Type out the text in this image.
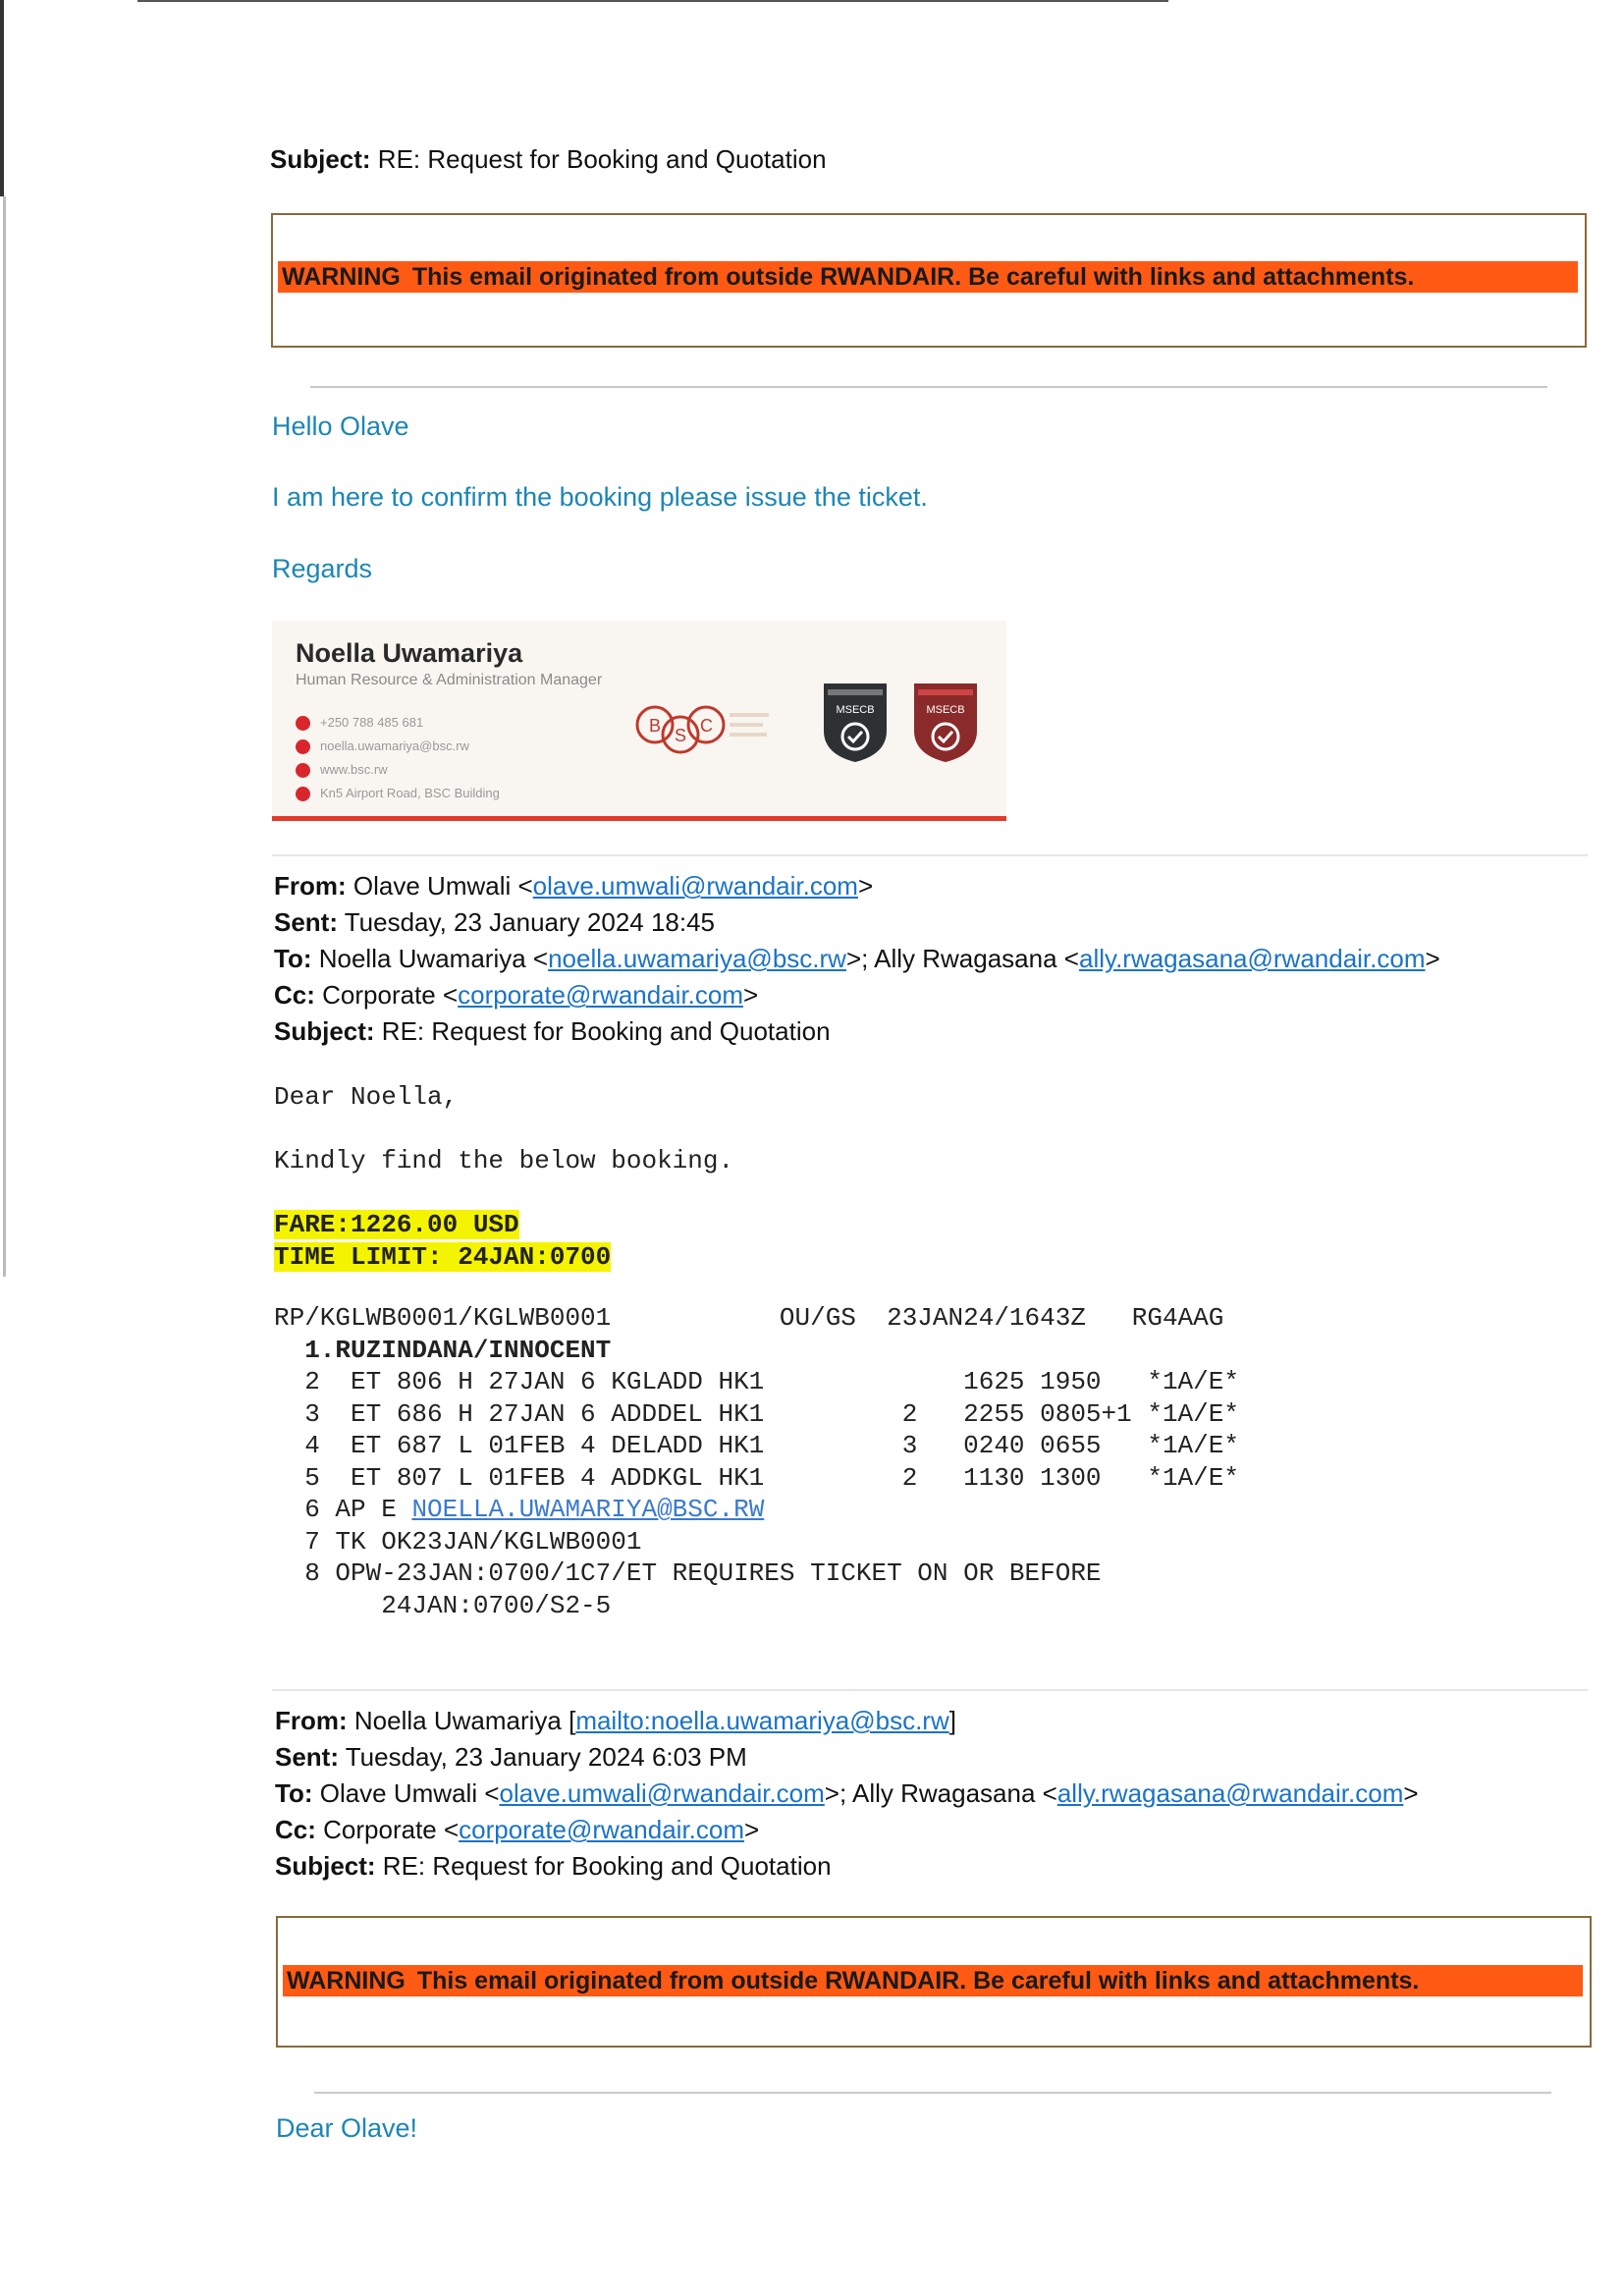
Subject: RE: Request for Booking and Quotation
WARNING This email originated from outside RWANDAIR. Be careful with links and attachments.
Hello Olave
I am here to confirm the booking please issue the ticket.
Regards
Noella Uwamariya
Human Resource & Administration Manager
+250 788 485 681
noella.uwamariya@bsc.rw
www.bsc.rw
Kn5 Airport Road, BSC Building
B S C
MSECB	MSECB
From: Olave Umwali <olave.umwali@rwandair.com>
Sent: Tuesday, 23 January 2024 18:45
To: Noella Uwamariya <noella.uwamariya@bsc.rw>; Ally Rwagasana <ally.rwagasana@rwandair.com>
Cc: Corporate <corporate@rwandair.com>
Subject: RE: Request for Booking and Quotation
Dear Noella,
Kindly find the below booking.
FARE:1226.00 USD
TIME LIMIT: 24JAN:0700
RP/KGLWB0001/KGLWB0001           OU/GS  23JAN24/1643Z   RG4AAG
1.RUZINDANA/INNOCENT
2  ET 806 H 27JAN 6 KGLADD HK1             1625 1950   *1A/E*
3  ET 686 H 27JAN 6 ADDDEL HK1         2   2255 0805+1 *1A/E*
4  ET 687 L 01FEB 4 DELADD HK1         3   0240 0655   *1A/E*
5  ET 807 L 01FEB 4 ADDKGL HK1         2   1130 1300   *1A/E*
6 AP E NOELLA.UWAMARIYA@BSC.RW
7 TK OK23JAN/KGLWB0001
8 OPW-23JAN:0700/1C7/ET REQUIRES TICKET ON OR BEFORE
24JAN:0700/S2-5
From: Noella Uwamariya [mailto:noella.uwamariya@bsc.rw]
Sent: Tuesday, 23 January 2024 6:03 PM
To: Olave Umwali <olave.umwali@rwandair.com>; Ally Rwagasana <ally.rwagasana@rwandair.com>
Cc: Corporate <corporate@rwandair.com>
Subject: RE: Request for Booking and Quotation
WARNING This email originated from outside RWANDAIR. Be careful with links and attachments.
Dear Olave!
